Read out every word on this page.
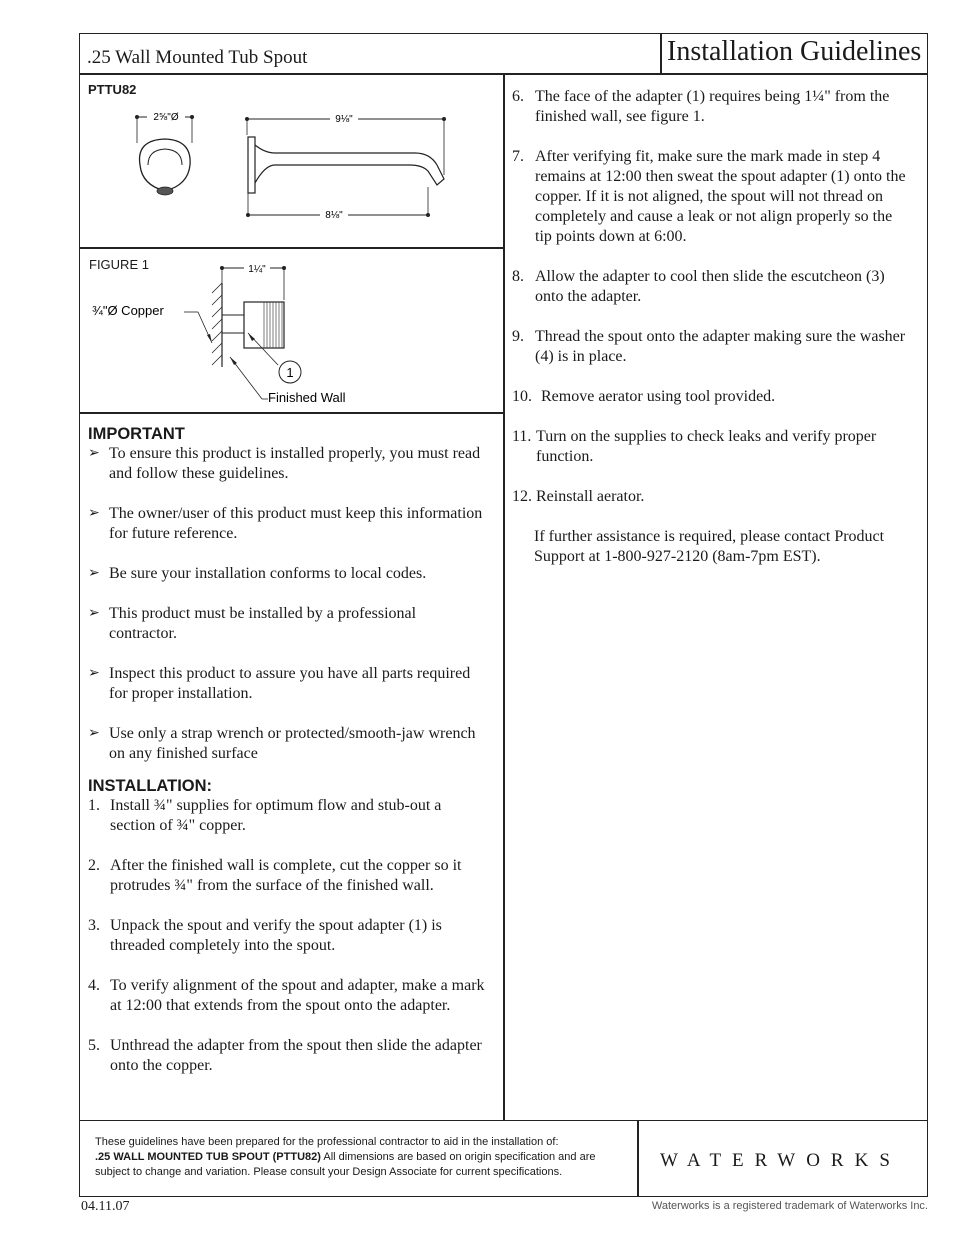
.25 Wall Mounted Tub Spout	Installation Guidelines
PTTU82
2⅝"Ø	9⅛"
8⅛"
FIGURE 1	1¼"
¾"Ø Copper
1
Finished Wall

IMPORTANT

➢ To ensure this product is installed properly, you must read and follow these guidelines.
➢ The owner/user of this product must keep this information for future reference.
➢ Be sure your installation conforms to local codes.
➢ This product must be installed by a professional contractor.
➢ Inspect this product to assure you have all parts required for proper installation.
➢ Use only a strap wrench or protected/smooth-jaw wrench on any finished surface

INSTALLATION:

1. Install ¾" supplies for optimum flow and stub-out a section of ¾" copper.
2. After the finished wall is complete, cut the copper so it protrudes ¾" from the surface of the finished wall.
3. Unpack the spout and verify the spout adapter (1) is threaded completely into the spout.
4. To verify alignment of the spout and adapter, make a mark at 12:00 that extends from the spout onto the adapter.
5. Unthread the adapter from the spout then slide the adapter onto the copper.
6. The face of the adapter (1) requires being 1¼" from the finished wall, see figure 1.
7. After verifying fit, make sure the mark made in step 4 remains at 12:00 then sweat the spout adapter (1) onto the copper. If it is not aligned, the spout will not thread on completely and cause a leak or not align properly so the tip points down at 6:00.
8. Allow the adapter to cool then slide the escutcheon (3) onto the adapter.
9. Thread the spout onto the adapter making sure the washer (4) is in place.
10. Remove aerator using tool provided.
11. Turn on the supplies to check leaks and verify proper function.
12. Reinstall aerator.
If further assistance is required, please contact Product Support at 1-800-927-2120 (8am-7pm EST).
These guidelines have been prepared for the professional contractor to aid in the installation of:
.25 WALL MOUNTED TUB SPOUT (PTTU82) All dimensions are based on origin specification and are subject to change and variation. Please consult your Design Associate for current specifications.
WATERWORKS
04.11.07	Waterworks is a registered trademark of Waterworks Inc.
